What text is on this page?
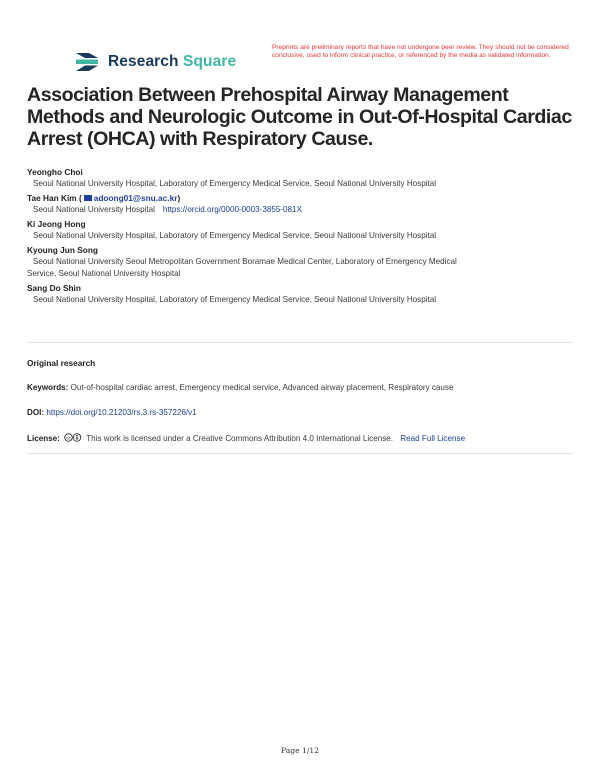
Research Square
Preprints are preliminary reports that have not undergone peer review. They should not be considered conclusive, used to inform clinical practice, or referenced by the media as validated information.
Association Between Prehospital Airway Management Methods and Neurologic Outcome in Out-Of-Hospital Cardiac Arrest (OHCA) with Respiratory Cause.
Yeongho Choi
Seoul National University Hospital, Laboratory of Emergency Medical Service, Seoul National University Hospital
Tae Han Kim ( adoong01@snu.ac.kr)
Seoul National University Hospital https://orcid.org/0000-0003-3855-081X
Ki Jeong Hong
Seoul National University Hospital, Laboratory of Emergency Medical Service, Seoul National University Hospital
Kyoung Jun Song
Seoul National University Seoul Metropolitan Government Boramae Medical Center, Laboratory of Emergency Medical
Service, Seoul National University Hospital
Sang Do Shin
Seoul National University Hospital, Laboratory of Emergency Medical Service, Seoul National University Hospital
Original research
Keywords: Out-of-hospital cardiac arrest, Emergency medical service, Advanced airway placement, Respiratory cause
DOI: https://doi.org/10.21203/rs.3.rs-357226/v1
License: cc This work is licensed under a Creative Commons Attribution 4.0 International License. Read Full License
Page 1/12
